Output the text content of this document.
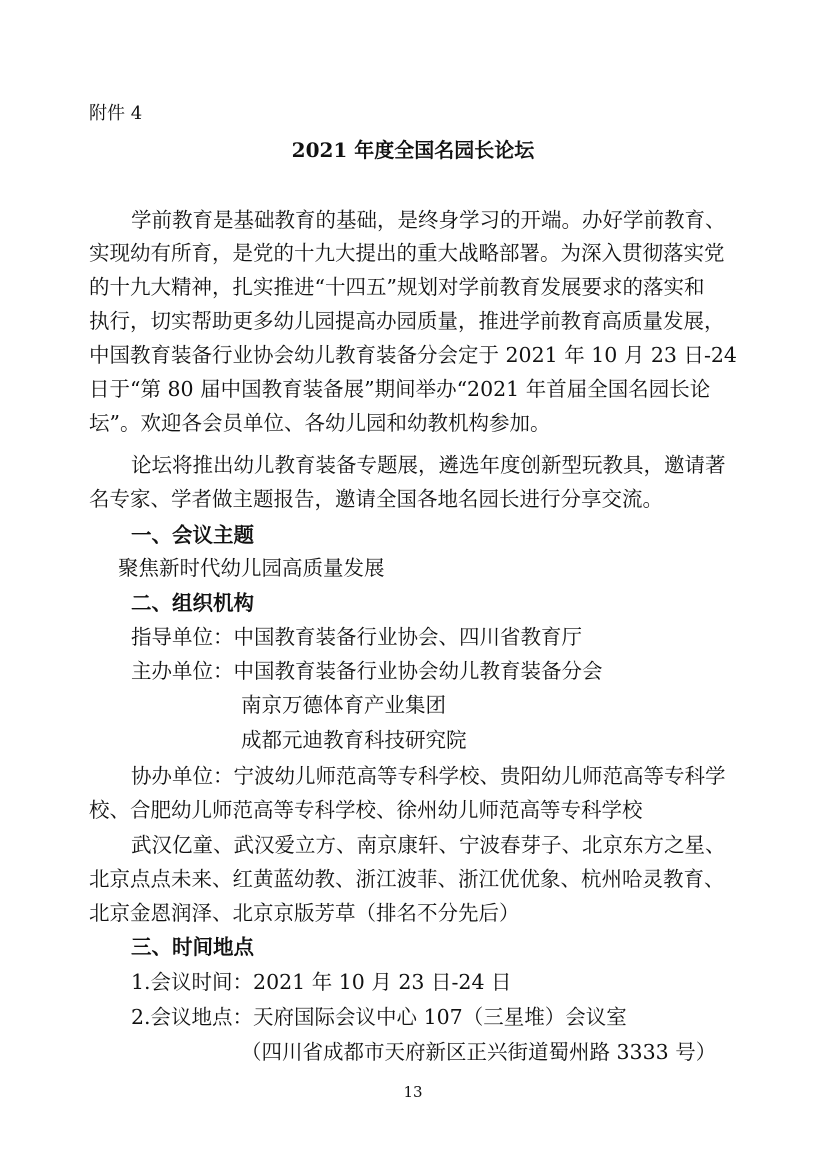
附件 4
2021 年度全国名园长论坛
学前教育是基础教育的基础，是终身学习的开端。办好学前教育、
实现幼有所育，是党的十九大提出的重大战略部署。为深入贯彻落实党
的十九大精神，扎实推进“十四五”规划对学前教育发展要求的落实和
执行，切实帮助更多幼儿园提高办园质量，推进学前教育高质量发展，
中国教育装备行业协会幼儿教育装备分会定于 2021 年 10 月 23 日-24
日于“第 80 届中国教育装备展”期间举办“2021 年首届全国名园长论
坛”。欢迎各会员单位、各幼儿园和幼教机构参加。
论坛将推出幼儿教育装备专题展，遴选年度创新型玩教具，邀请著
名专家、学者做主题报告，邀请全国各地名园长进行分享交流。
一、会议主题
聚焦新时代幼儿园高质量发展
二、组织机构
指导单位：中国教育装备行业协会、四川省教育厅
主办单位：中国教育装备行业协会幼儿教育装备分会
南京万德体育产业集团
成都元迪教育科技研究院
协办单位：宁波幼儿师范高等专科学校、贵阳幼儿师范高等专科学
校、合肥幼儿师范高等专科学校、徐州幼儿师范高等专科学校
武汉亿童、武汉爱立方、南京康轩、宁波春芽子、北京东方之星、
北京点点未来、红黄蓝幼教、浙江波菲、浙江优优象、杭州哈灵教育、
北京金恩润泽、北京京版芳草（排名不分先后）
三、时间地点
1.会议时间：2021 年 10 月 23 日-24 日
2.会议地点：天府国际会议中心 107（三星堆）会议室
（四川省成都市天府新区正兴街道蜀州路 3333 号）
13
